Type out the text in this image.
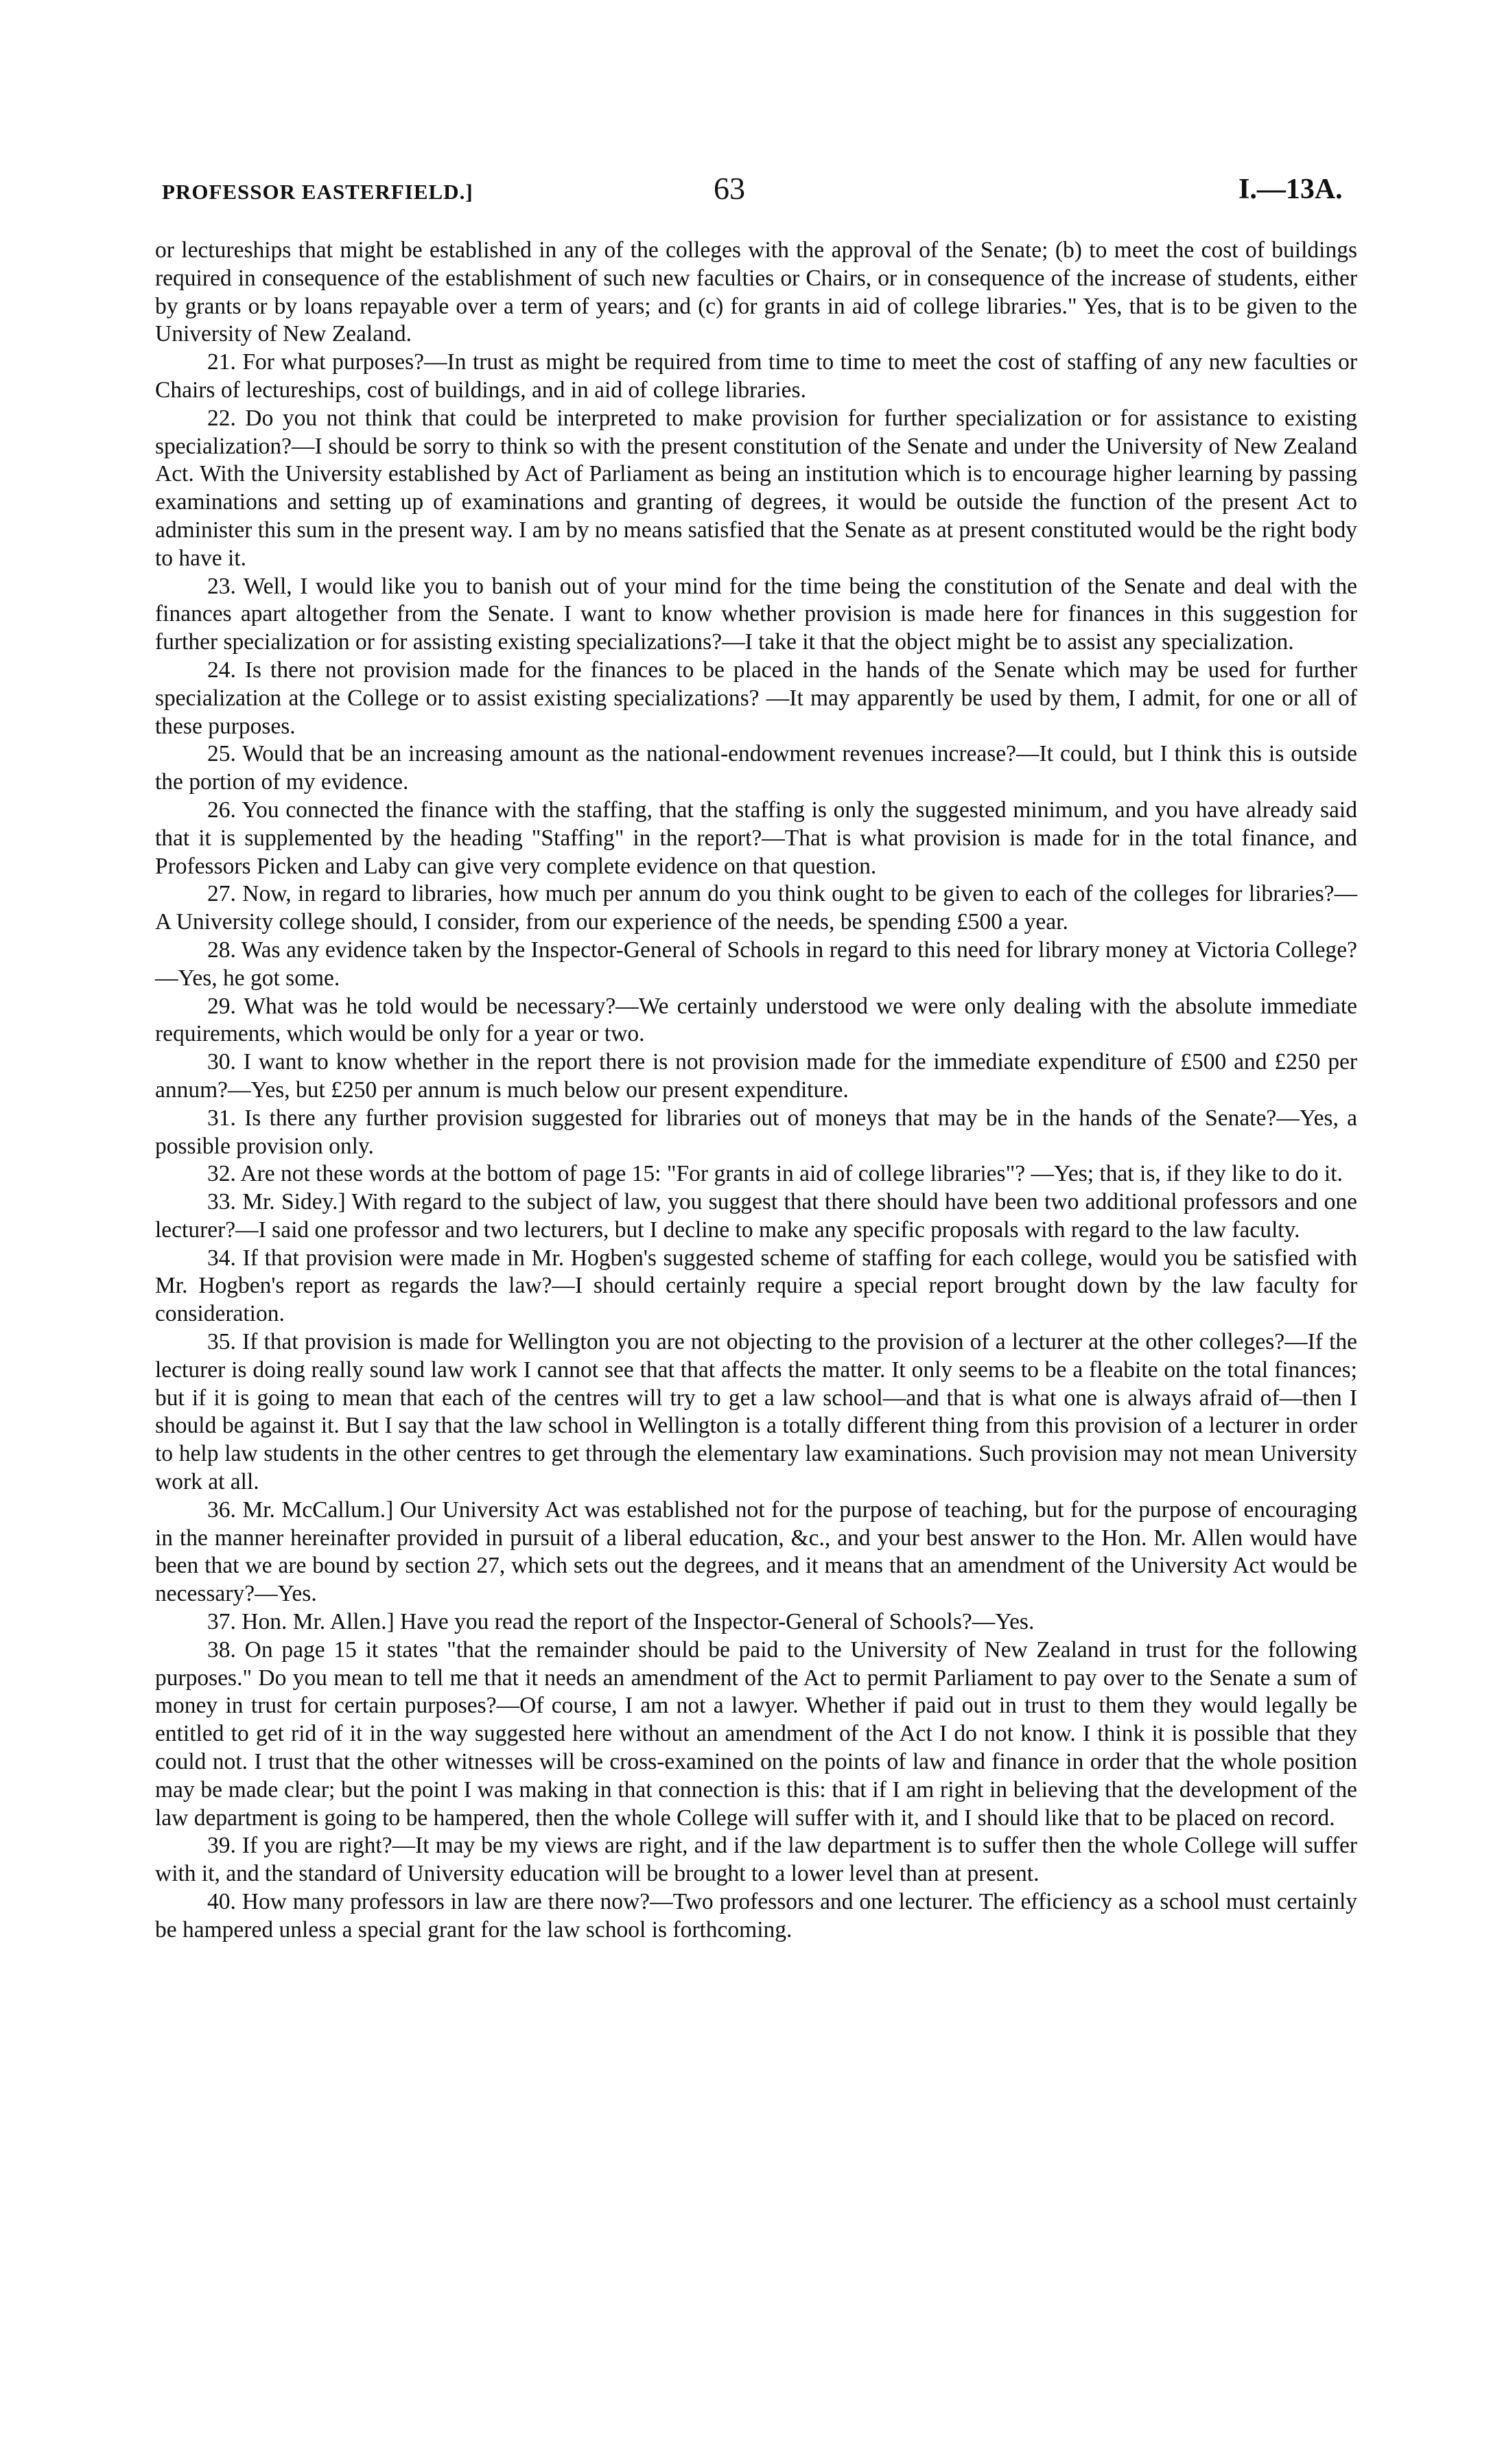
PROFESSOR EASTERFIELD.]	63	I.—13A.

or lectureships that might be established in any of the colleges with the approval of the Senate; (b) to meet the cost of buildings required in consequence of the establishment of such new faculties or Chairs, or in consequence of the increase of students, either by grants or by loans repayable over a term of years; and (c) for grants in aid of college libraries." Yes, that is to be given to the University of New Zealand.

21. For what purposes?—In trust as might be required from time to time to meet the cost of staffing of any new faculties or Chairs of lectureships, cost of buildings, and in aid of college libraries.

22. Do you not think that could be interpreted to make provision for further specialization or for assistance to existing specialization?—I should be sorry to think so with the present constitution of the Senate and under the University of New Zealand Act. With the University established by Act of Parliament as being an institution which is to encourage higher learning by passing examinations and setting up of examinations and granting of degrees, it would be outside the function of the present Act to administer this sum in the present way. I am by no means satisfied that the Senate as at present constituted would be the right body to have it.

23. Well, I would like you to banish out of your mind for the time being the constitution of the Senate and deal with the finances apart altogether from the Senate. I want to know whether provision is made here for finances in this suggestion for further specialization or for assisting existing specializations?—I take it that the object might be to assist any specialization.

24. Is there not provision made for the finances to be placed in the hands of the Senate which may be used for further specialization at the College or to assist existing specializations? —It may apparently be used by them, I admit, for one or all of these purposes.

25. Would that be an increasing amount as the national-endowment revenues increase?—It could, but I think this is outside the portion of my evidence.

26. You connected the finance with the staffing, that the staffing is only the suggested minimum, and you have already said that it is supplemented by the heading "Staffing" in the report?—That is what provision is made for in the total finance, and Professors Picken and Laby can give very complete evidence on that question.

27. Now, in regard to libraries, how much per annum do you think ought to be given to each of the colleges for libraries?—A University college should, I consider, from our experience of the needs, be spending £500 a year.

28. Was any evidence taken by the Inspector-General of Schools in regard to this need for library money at Victoria College?—Yes, he got some.

29. What was he told would be necessary?—We certainly understood we were only dealing with the absolute immediate requirements, which would be only for a year or two.

30. I want to know whether in the report there is not provision made for the immediate expenditure of £500 and £250 per annum?—Yes, but £250 per annum is much below our present expenditure.

31. Is there any further provision suggested for libraries out of moneys that may be in the hands of the Senate?—Yes, a possible provision only.

32. Are not these words at the bottom of page 15: "For grants in aid of college libraries"? —Yes; that is, if they like to do it.

33. Mr. Sidey.] With regard to the subject of law, you suggest that there should have been two additional professors and one lecturer?—I said one professor and two lecturers, but I decline to make any specific proposals with regard to the law faculty.

34. If that provision were made in Mr. Hogben's suggested scheme of staffing for each college, would you be satisfied with Mr. Hogben's report as regards the law?—I should certainly require a special report brought down by the law faculty for consideration.

35. If that provision is made for Wellington you are not objecting to the provision of a lecturer at the other colleges?—If the lecturer is doing really sound law work I cannot see that that affects the matter. It only seems to be a fleabite on the total finances; but if it is going to mean that each of the centres will try to get a law school—and that is what one is always afraid of—then I should be against it. But I say that the law school in Wellington is a totally different thing from this provision of a lecturer in order to help law students in the other centres to get through the elementary law examinations. Such provision may not mean University work at all.

36. Mr. McCallum.] Our University Act was established not for the purpose of teaching, but for the purpose of encouraging in the manner hereinafter provided in pursuit of a liberal education, &c., and your best answer to the Hon. Mr. Allen would have been that we are bound by section 27, which sets out the degrees, and it means that an amendment of the University Act would be necessary?—Yes.

37. Hon. Mr. Allen.] Have you read the report of the Inspector-General of Schools?—Yes.

38. On page 15 it states "that the remainder should be paid to the University of New Zealand in trust for the following purposes." Do you mean to tell me that it needs an amendment of the Act to permit Parliament to pay over to the Senate a sum of money in trust for certain purposes?—Of course, I am not a lawyer. Whether if paid out in trust to them they would legally be entitled to get rid of it in the way suggested here without an amendment of the Act I do not know. I think it is possible that they could not. I trust that the other witnesses will be cross-examined on the points of law and finance in order that the whole position may be made clear; but the point I was making in that connection is this: that if I am right in believing that the development of the law department is going to be hampered, then the whole College will suffer with it, and I should like that to be placed on record.

39. If you are right?—It may be my views are right, and if the law department is to suffer then the whole College will suffer with it, and the standard of University education will be brought to a lower level than at present.

40. How many professors in law are there now?—Two professors and one lecturer. The efficiency as a school must certainly be hampered unless a special grant for the law school is forthcoming.
